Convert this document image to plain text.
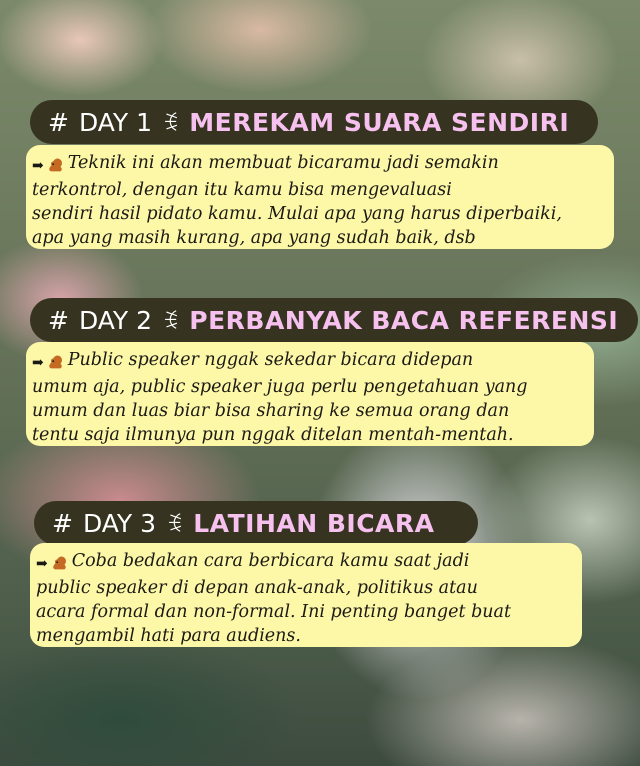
# DAY 1 ꉂ MEREKAM SUARA SENDIRI

➡ Teknik ini akan membuat bicaramu jadi semakin

terkontrol, dengan itu kamu bisa mengevaluasi

sendiri hasil pidato kamu. Mulai apa yang harus diperbaiki,

apa yang masih kurang, apa yang sudah baik, dsb

# DAY 2 ꉂ PERBANYAK BACA REFERENSI

➡ Public speaker nggak sekedar bicara didepan

umum aja, public speaker juga perlu pengetahuan yang

umum dan luas biar bisa sharing ke semua orang dan

tentu saja ilmunya pun nggak ditelan mentah-mentah.

# DAY 3 ꉂ LATIHAN BICARA

➡ Coba bedakan cara berbicara kamu saat jadi

public speaker di depan anak-anak, politikus atau

acara formal dan non-formal. Ini penting banget buat

mengambil hati para audiens.
